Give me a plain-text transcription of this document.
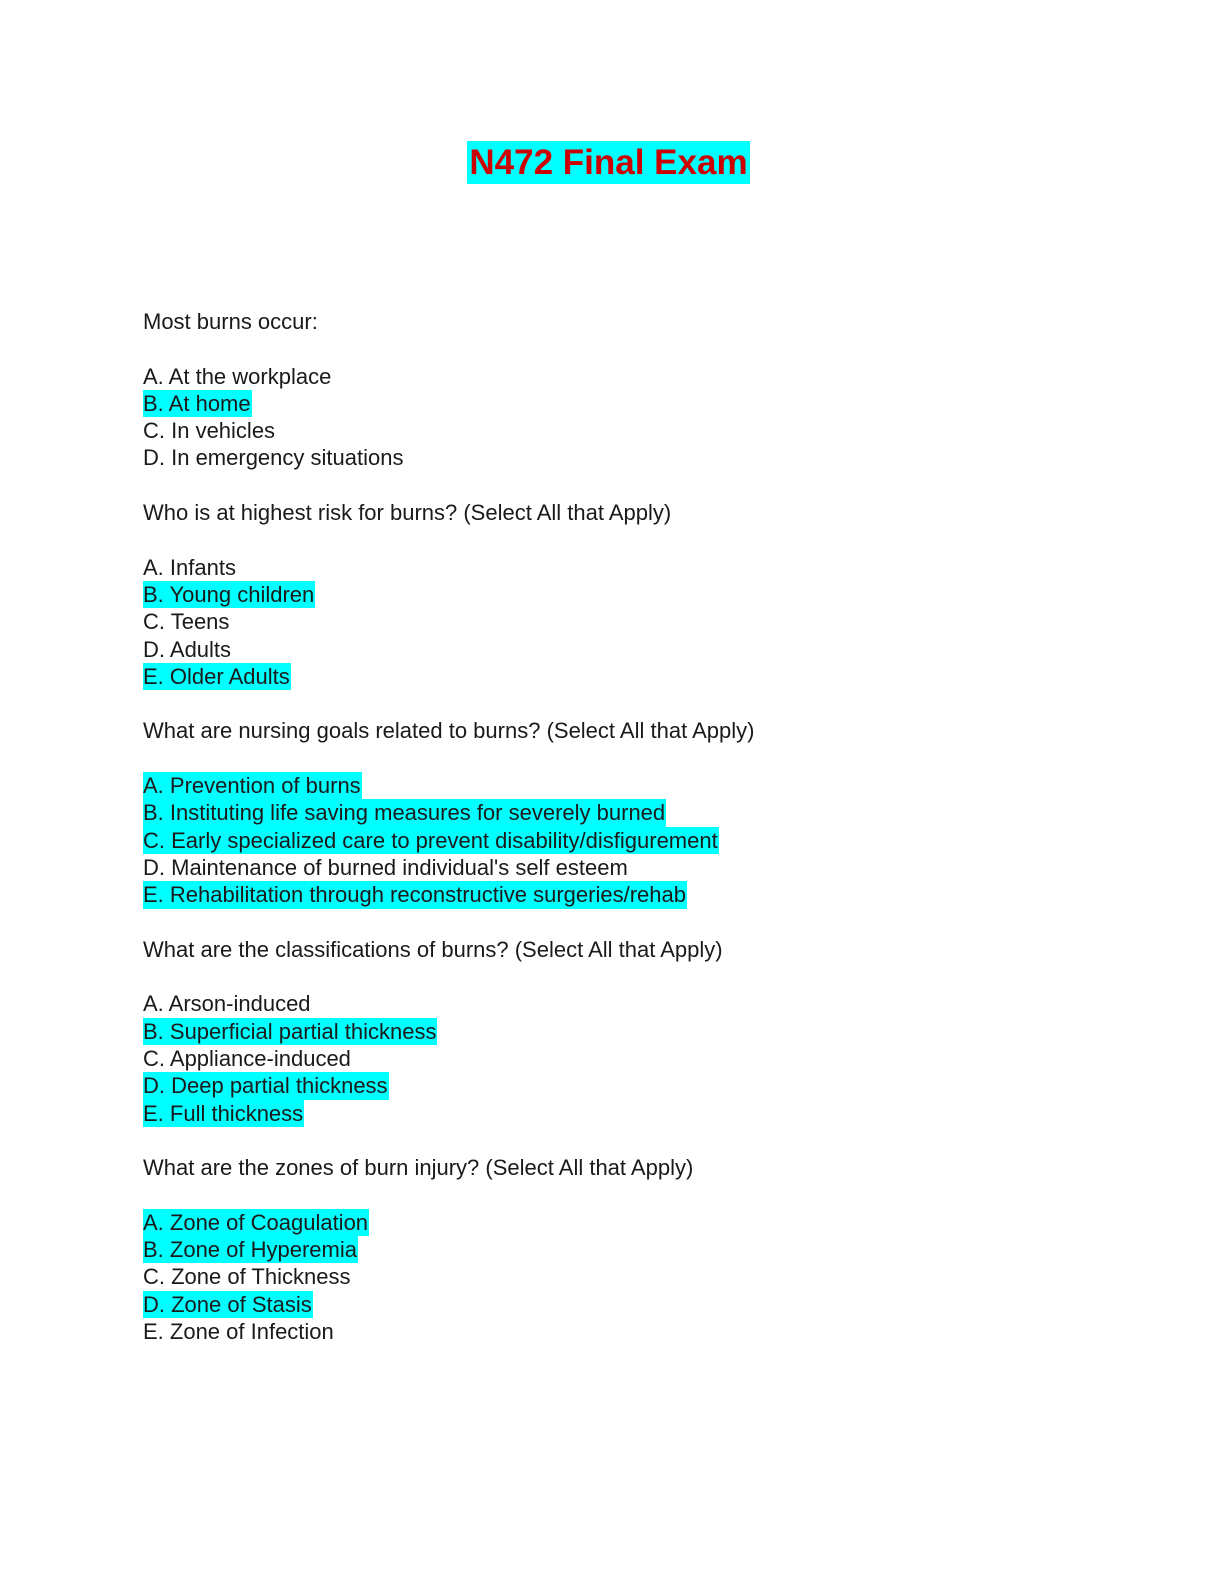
N472 Final Exam
Most burns occur:
A. At the workplace
B. At home
C. In vehicles
D. In emergency situations
Who is at highest risk for burns? (Select All that Apply)
A. Infants
B. Young children
C. Teens
D. Adults
E. Older Adults
What are nursing goals related to burns? (Select All that Apply)
A. Prevention of burns
B. Instituting life saving measures for severely burned
C. Early specialized care to prevent disability/disfigurement
D. Maintenance of burned individual's self esteem
E. Rehabilitation through reconstructive surgeries/rehab
What are the classifications of burns? (Select All that Apply)
A. Arson-induced
B. Superficial partial thickness
C. Appliance-induced
D. Deep partial thickness
E. Full thickness
What are the zones of burn injury? (Select All that Apply)
A. Zone of Coagulation
B. Zone of Hyperemia
C. Zone of Thickness
D. Zone of Stasis
E. Zone of Infection
